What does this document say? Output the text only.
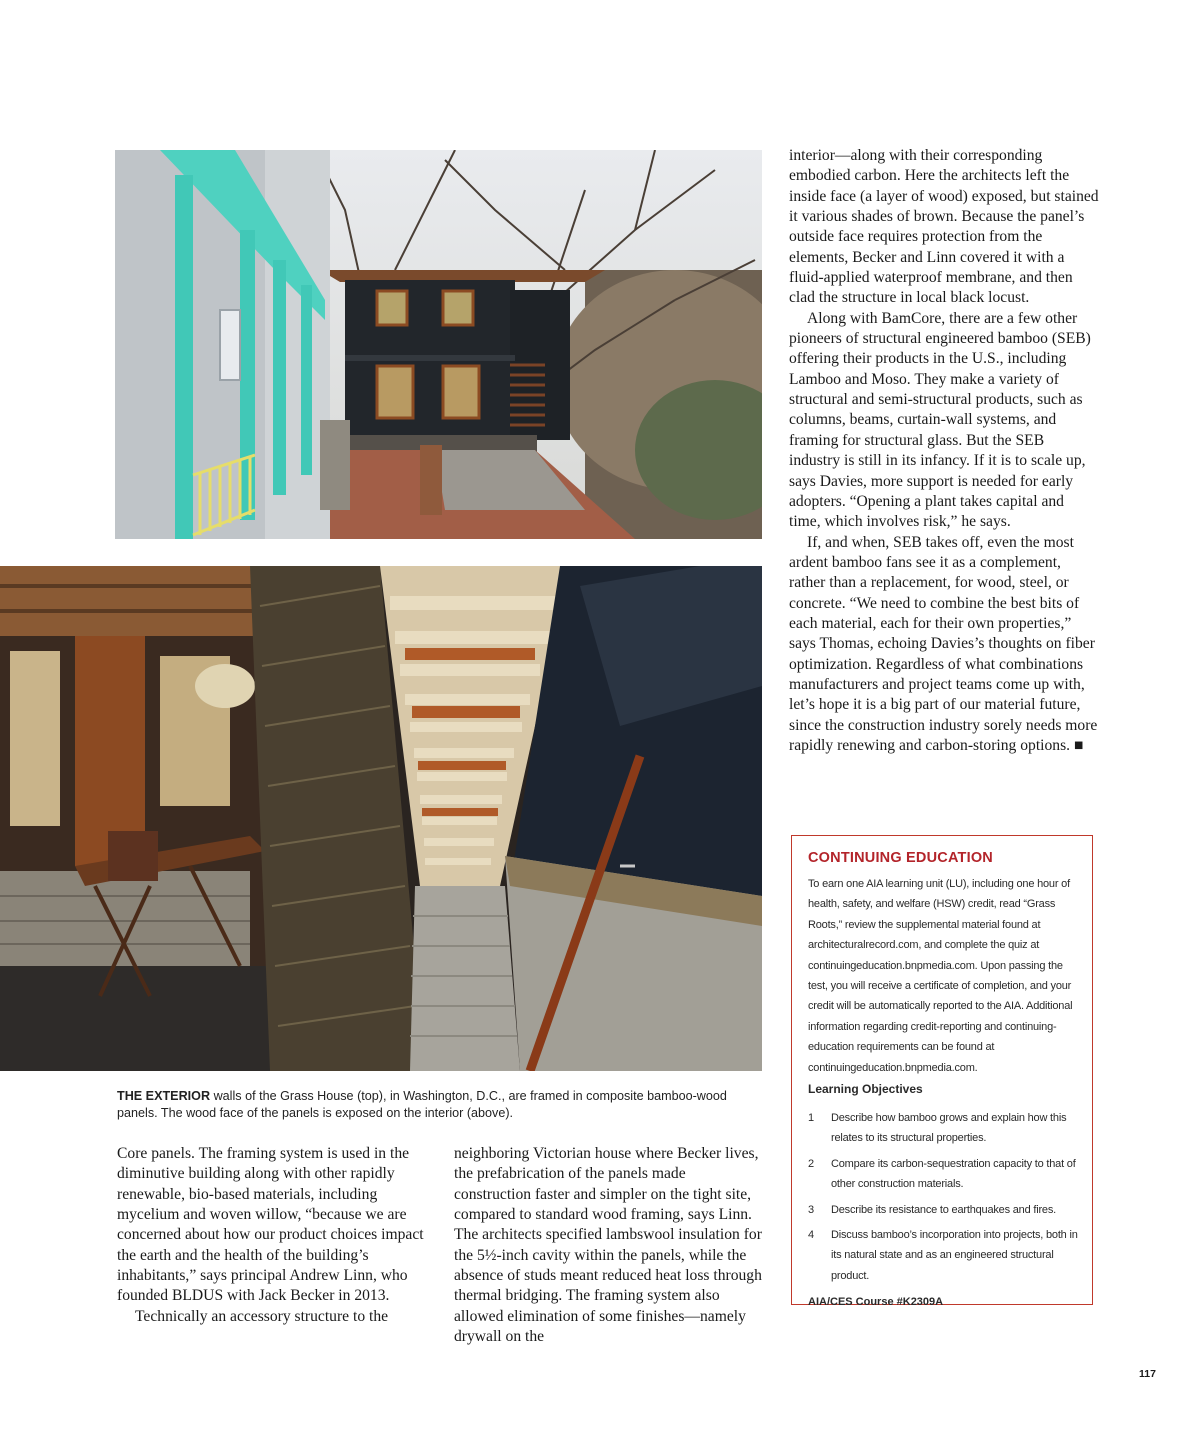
interior—along with their corresponding embodied carbon. Here the architects left the inside face (a layer of wood) exposed, but stained it various shades of brown. Because the panel’s outside face requires protection from the elements, Becker and Linn covered it with a fluid-applied waterproof membrane, and then clad the structure in local black locust.

Along with BamCore, there are a few other pioneers of structural engineered bamboo (SEB) offering their products in the U.S., including Lamboo and Moso. They make a variety of structural and semi-structural products, such as columns, beams, curtain-wall systems, and framing for structural glass. But the SEB industry is still in its infancy. If it is to scale up, says Davies, more support is needed for early adopters. “Opening a plant takes capital and time, which involves risk,” he says.

If, and when, SEB takes off, even the most ardent bamboo fans see it as a complement, rather than a replacement, for wood, steel, or concrete. “We need to combine the best bits of each material, each for their own properties,” says Thomas, echoing Davies’s thoughts on fiber optimization. Regardless of what combinations manufacturers and project teams come up with, let’s hope it is a big part of our material future, since the construction industry sorely needs more rapidly renewing and carbon-storing options. ■

THE EXTERIOR walls of the Grass House (top), in Washington, D.C., are framed in composite bamboo-wood panels. The wood face of the panels is exposed on the interior (above).

Core panels. The framing system is used in the diminutive building along with other rapidly renewable, bio-based materials, including mycelium and woven willow, “because we are concerned about how our product choices impact the earth and the health of the building’s inhabitants,” says principal Andrew Linn, who founded BLDUS with Jack Becker in 2013.

Technically an accessory structure to the

neighboring Victorian house where Becker lives, the prefabrication of the panels made construction faster and simpler on the tight site, compared to standard wood framing, says Linn. The architects specified lambswool insulation for the 5½-inch cavity within the panels, while the absence of studs meant reduced heat loss through thermal bridging. The framing system also allowed elimination of some finishes—namely drywall on the

CONTINUING EDUCATION
To earn one AIA learning unit (LU), including one hour of health, safety, and welfare (HSW) credit, read “Grass Roots,” review the supplemental material found at architecturalrecord.com, and complete the quiz at continuingeducation.bnpmedia.com. Upon passing the test, you will receive a certificate of completion, and your credit will be automatically reported to the AIA. Additional information regarding credit-reporting and continuing-education requirements can be found at continuingeducation.bnpmedia.com.
Learning Objectives
1 Describe how bamboo grows and explain how this relates to its structural properties.
2 Compare its carbon-sequestration capacity to that of other construction materials.
3 Describe its resistance to earthquakes and fires.
4 Discuss bamboo’s incorporation into projects, both in its natural state and as an engineered structural product.
AIA/CES Course #K2309A
117
